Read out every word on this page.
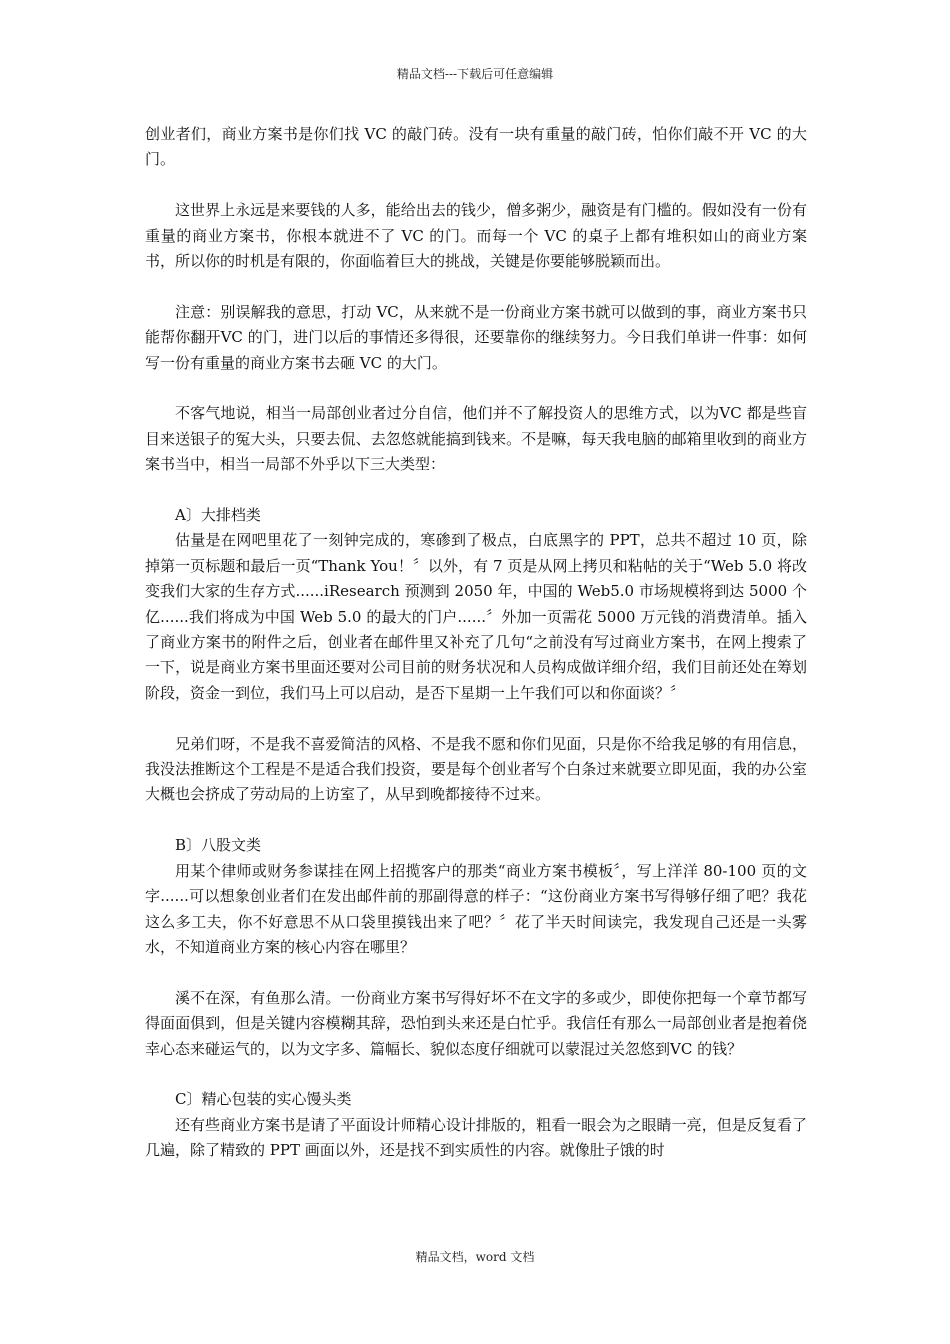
精品文档---下载后可任意编辑

创业者们，商业方案书是你们找 VC 的敲门砖。没有一块有重量的敲门砖，怕你们敲不开 VC 的大门。

这世界上永远是来要钱的人多，能给出去的钱少，僧多粥少，融资是有门槛的。假如没有一份有重量的商业方案书，你根本就进不了 VC 的门。而每一个 VC 的桌子上都有堆积如山的商业方案书，所以你的时机是有限的，你面临着巨大的挑战，关键是你要能够脱颖而出。

注意：别误解我的意思，打动 VC，从来就不是一份商业方案书就可以做到的事，商业方案书只能帮你翻开VC 的门，进门以后的事情还多得很，还要靠你的继续努力。今日我们单讲一件事：如何写一份有重量的商业方案书去砸 VC 的大门。

不客气地说，相当一局部创业者过分自信，他们并不了解投资人的思维方式，以为VC 都是些盲目来送银子的冤大头，只要去侃、去忽悠就能搞到钱来。不是嘛，每天我电脑的邮箱里收到的商业方案书当中，相当一局部不外乎以下三大类型：

A〕大排档类

估量是在网吧里花了一刻钟完成的，寒碜到了极点，白底黑字的 PPT，总共不超过 10 页，除掉第一页标题和最后一页“Thank You！〞以外，有 7 页是从网上拷贝和粘帖的关于“Web 5.0 将改变我们大家的生存方式......iResearch 预测到 2050 年，中国的 Web5.0 市场规模将到达 5000 个亿......我们将成为中国 Web 5.0 的最大的门户......〞外加一页需花 5000 万元钱的消费清单。插入了商业方案书的附件之后，创业者在邮件里又补充了几句“之前没有写过商业方案书，在网上搜索了一下，说是商业方案书里面还要对公司目前的财务状况和人员构成做详细介绍，我们目前还处在筹划阶段，资金一到位，我们马上可以启动，是否下星期一上午我们可以和你面谈？〞

兄弟们呀，不是我不喜爱简洁的风格、不是我不愿和你们见面，只是你不给我足够的有用信息，我没法推断这个工程是不是适合我们投资，要是每个创业者写个白条过来就要立即见面，我的办公室大概也会挤成了劳动局的上访室了，从早到晚都接待不过来。

B〕八股文类

用某个律师或财务参谋挂在网上招揽客户的那类“商业方案书模板〞，写上洋洋 80-100 页的文字......可以想象创业者们在发出邮件前的那副得意的样子：“这份商业方案书写得够仔细了吧？我花这么多工夫，你不好意思不从口袋里摸钱出来了吧？〞花了半天时间读完，我发现自己还是一头雾水，不知道商业方案的核心内容在哪里？

溪不在深，有鱼那么清。一份商业方案书写得好坏不在文字的多或少，即使你把每一个章节都写得面面俱到，但是关键内容模糊其辞，恐怕到头来还是白忙乎。我信任有那么一局部创业者是抱着侥幸心态来碰运气的，以为文字多、篇幅长、貌似态度仔细就可以蒙混过关忽悠到VC 的钱？

C〕精心包装的实心馒头类

还有些商业方案书是请了平面设计师精心设计排版的，粗看一眼会为之眼睛一亮，但是反复看了几遍，除了精致的 PPT 画面以外，还是找不到实质性的内容。就像肚子饿的时

精品文档，word 文档
